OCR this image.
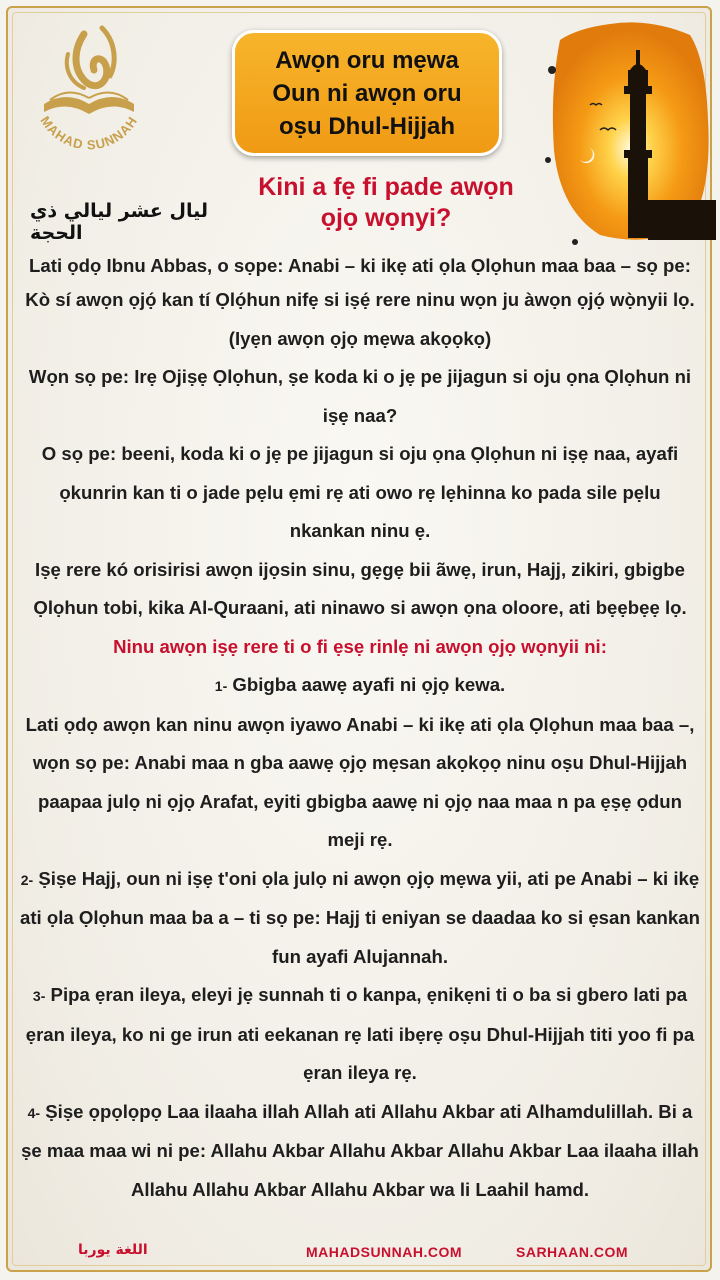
MAHAD SUNNAH
Awọn oru mẹwa
Oun ni awọn oru
oṣu Dhul-Hijjah
Kini a fẹ fi pade awọn ọjọ wọnyi?
ليال عشر ليالي ذي الحجة

Lati ọdọ Ibnu Abbas, o sọpe: Anabi – ki ikẹ ati ọla Ọlọhun maa baa – sọ pe:

Kò sí awọn ọjọ́ kan tí Ọlọ́hun nifẹ si iṣẹ́ rere ninu wọn ju àwọn ọjọ́ wọ̀nyii lọ. (Iyẹn awọn ọjọ mẹwa akọọkọ)

Wọn sọ pe: Irẹ Ojiṣẹ Ọlọhun, ṣe koda ki o jẹ pe jijagun si oju ọna Ọlọhun ni iṣẹ naa?

O sọ pe: beeni, koda ki o jẹ pe jijagun si oju ọna Ọlọhun ni iṣẹ naa, ayafi ọkunrin kan ti o jade pẹlu ẹmi rẹ ati owo rẹ lẹhinna ko pada sile pẹlu nkankan ninu ẹ.

Iṣẹ rere kó orisirisi awọn ijọsin sinu, gẹgẹ bii ãwẹ, irun, Hajj, zikiri, gbigbe Ọlọhun tobi, kika Al-Quraani, ati ninawo si awọn ọna oloore, ati bẹẹbẹẹ lọ.

Ninu awọn iṣẹ rere ti o fi ẹsẹ rinlẹ ni awọn ọjọ wọnyii ni:

1- Gbigba aawẹ ayafi ni ọjọ kewa.

Lati ọdọ awọn kan ninu awọn iyawo Anabi – ki ikẹ ati ọla Ọlọhun maa baa –, wọn sọ pe: Anabi maa n gba aawẹ ọjọ mẹsan akọkọọ ninu oṣu Dhul-Hijjah paapaa julọ ni ọjọ Arafat, eyiti gbigba aawẹ ni ọjọ naa maa n pa ẹṣẹ ọdun meji rẹ.

2- Ṣiṣe Hajj, oun ni iṣẹ t'oni ọla julọ ni awọn ọjọ mẹwa yii, ati pe Anabi – ki ikẹ ati ọla Ọlọhun maa ba a – ti sọ pe: Hajj ti eniyan se daadaa ko si ẹsan kankan fun ayafi Alujannah.

3- Pipa ẹran ileya, eleyi jẹ sunnah ti o kanpa, ẹnikẹni ti o ba si gbero lati pa ẹran ileya, ko ni ge irun ati eekanan rẹ lati ibẹrẹ oṣu Dhul-Hijjah titi yoo fi pa ẹran ileya rẹ.

4- Ṣiṣe ọpọlọpọ Laa ilaaha illah Allah ati Allahu Akbar ati Alhamdulillah. Bi a ṣe maa maa wi ni pe: Allahu Akbar Allahu Akbar Allahu Akbar Laa ilaaha illah Allahu Allahu Akbar Allahu Akbar wa li Laahil hamd.

اللغة يوربا	MAHADSUNNAH.COM	SARHAAN.COM
